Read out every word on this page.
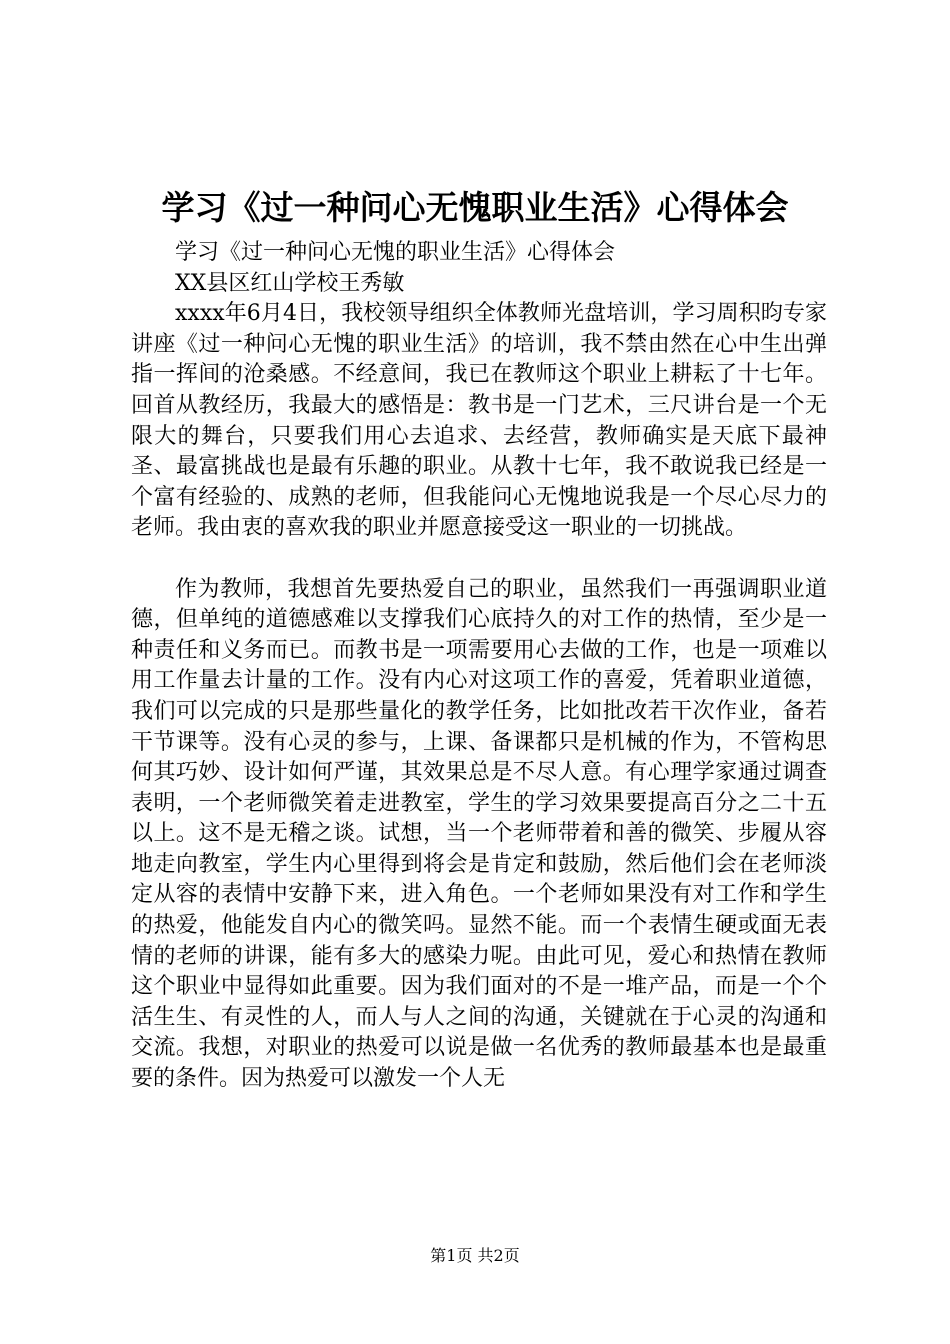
学习《过一种问心无愧职业生活》心得体会

学习《过一种问心无愧的职业生活》心得体会

XX县区红山学校王秀敏

xxxx年6月4日，我校领导组织全体教师光盘培训，学习周积昀专家讲座《过一种问心无愧的职业生活》的培训，我不禁由然在心中生出弹指一挥间的沧桑感。不经意间，我已在教师这个职业上耕耘了十七年。回首从教经历，我最大的感悟是：教书是一门艺术，三尺讲台是一个无限大的舞台，只要我们用心去追求、去经营，教师确实是天底下最神圣、最富挑战也是最有乐趣的职业。从教十七年，我不敢说我已经是一个富有经验的、成熟的老师，但我能问心无愧地说我是一个尽心尽力的老师。我由衷的喜欢我的职业并愿意接受这一职业的一切挑战。

作为教师，我想首先要热爱自己的职业，虽然我们一再强调职业道德，但单纯的道德感难以支撑我们心底持久的对工作的热情，至少是一种责任和义务而已。而教书是一项需要用心去做的工作，也是一项难以用工作量去计量的工作。没有内心对这项工作的喜爱，凭着职业道德，我们可以完成的只是那些量化的教学任务，比如批改若干次作业，备若干节课等。没有心灵的参与，上课、备课都只是机械的作为，不管构思何其巧妙、设计如何严谨，其效果总是不尽人意。有心理学家通过调查表明，一个老师微笑着走进教室，学生的学习效果要提高百分之二十五以上。这不是无稽之谈。试想，当一个老师带着和善的微笑、步履从容地走向教室，学生内心里得到将会是肯定和鼓励，然后他们会在老师淡定从容的表情中安静下来，进入角色。一个老师如果没有对工作和学生的热爱，他能发自内心的微笑吗。显然不能。而一个表情生硬或面无表情的老师的讲课，能有多大的感染力呢。由此可见，爱心和热情在教师这个职业中显得如此重要。因为我们面对的不是一堆产品，而是一个个活生生、有灵性的人，而人与人之间的沟通，关键就在于心灵的沟通和交流。我想，对职业的热爱可以说是做一名优秀的教师最基本也是最重要的条件。因为热爱可以激发一个人无

第1页 共2页
